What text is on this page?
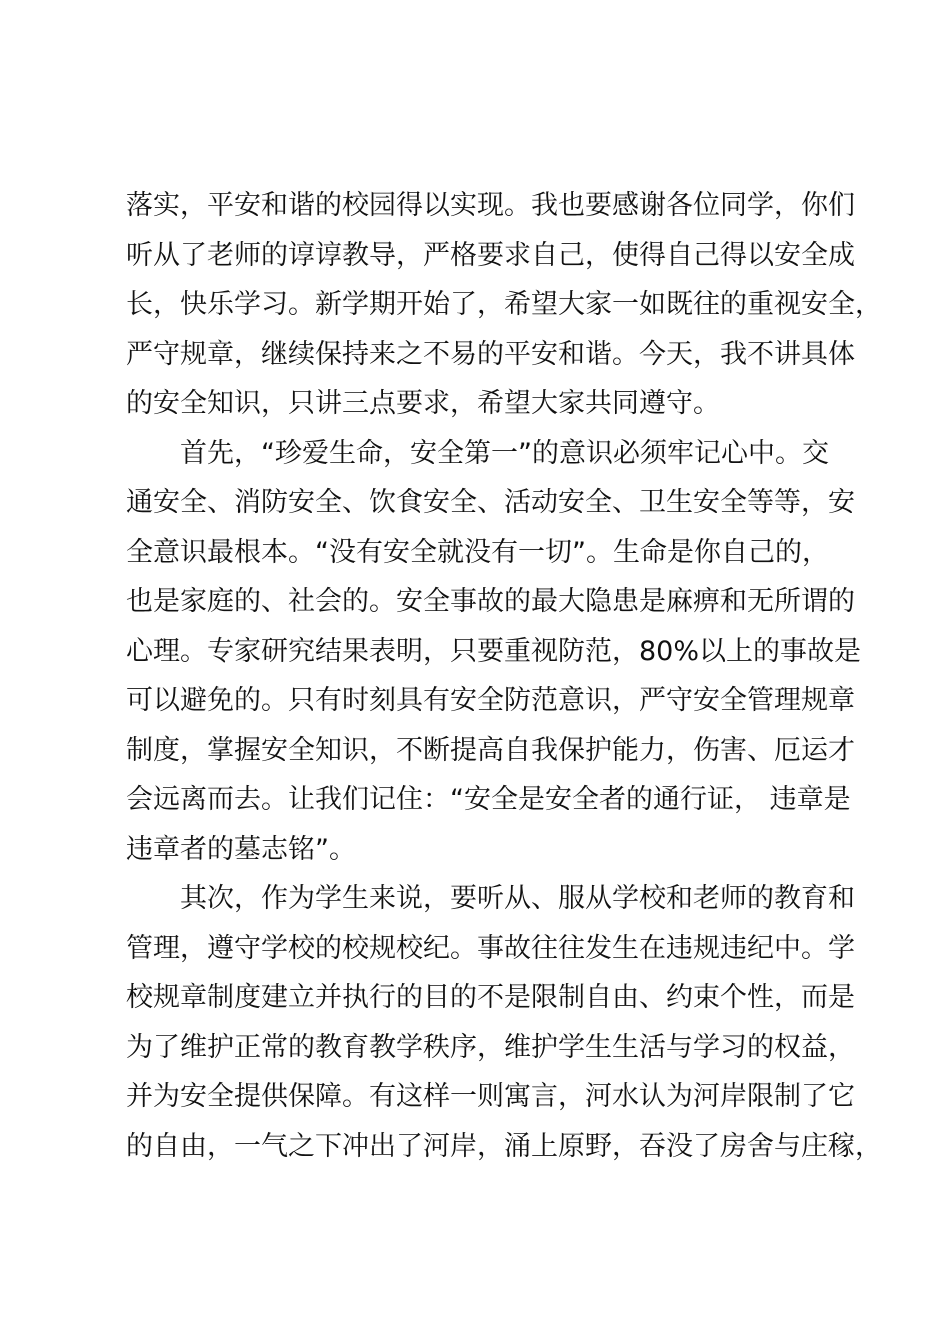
落实，平安和谐的校园得以实现。我也要感谢各位同学，你们
听从了老师的谆谆教导，严格要求自己，使得自己得以安全成
长，快乐学习。新学期开始了，希望大家一如既往的重视安全，
严守规章，继续保持来之不易的平安和谐。今天，我不讲具体
的安全知识，只讲三点要求，希望大家共同遵守。
首先，“珍爱生命，安全第一”的意识必须牢记心中。交
通安全、消防安全、饮食安全、活动安全、卫生安全等等，安
全意识最根本。“没有安全就没有一切”。生命是你自己的，
也是家庭的、社会的。安全事故的最大隐患是麻痹和无所谓的
心理。专家研究结果表明，只要重视防范，80%以上的事故是
可以避免的。只有时刻具有安全防范意识，严守安全管理规章
制度，掌握安全知识，不断提高自我保护能力，伤害、厄运才
会远离而去。让我们记住：“安全是安全者的通行证， 违章是
违章者的墓志铭”。
其次，作为学生来说，要听从、服从学校和老师的教育和
管理，遵守学校的校规校纪。事故往往发生在违规违纪中。学
校规章制度建立并执行的目的不是限制自由、约束个性，而是
为了维护正常的教育教学秩序，维护学生生活与学习的权益，
并为安全提供保障。有这样一则寓言，河水认为河岸限制了它
的自由，一气之下冲出了河岸，涌上原野，吞没了房舍与庄稼，
